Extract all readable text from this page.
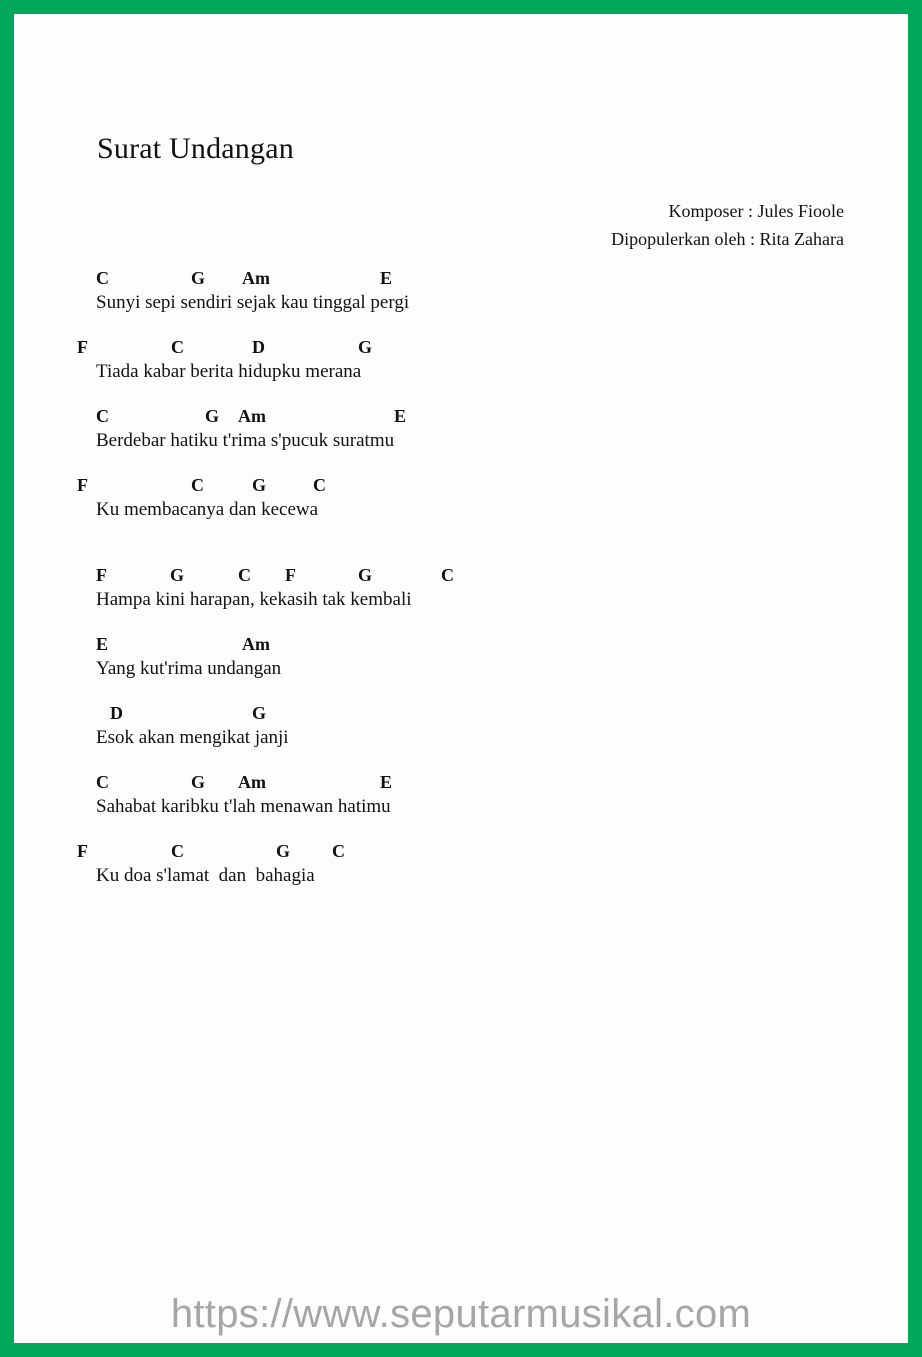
Surat Undangan
Komposer : Jules Fioole
Dipopulerkan oleh : Rita Zahara
C	G Am	E
Sunyi sepi sendiri sejak kau tinggal pergi
F	C	D	G
Tiada kabar berita hidupku merana
C	G Am	E
Berdebar hatiku t'rima s'pucuk suratmu
F	C	G	C
Ku membacanya dan kecewa
F	G	C F	G	C
Hampa kini harapan, kekasih tak kembali
E	Am
Yang kut'rima undangan
D	G
Esok akan mengikat janji
C	G Am	E
Sahabat karibku t'lah menawan hatimu
F	C	G C
Ku doa s'lamat  dan  bahagia
https://www.seputarmusikal.com
